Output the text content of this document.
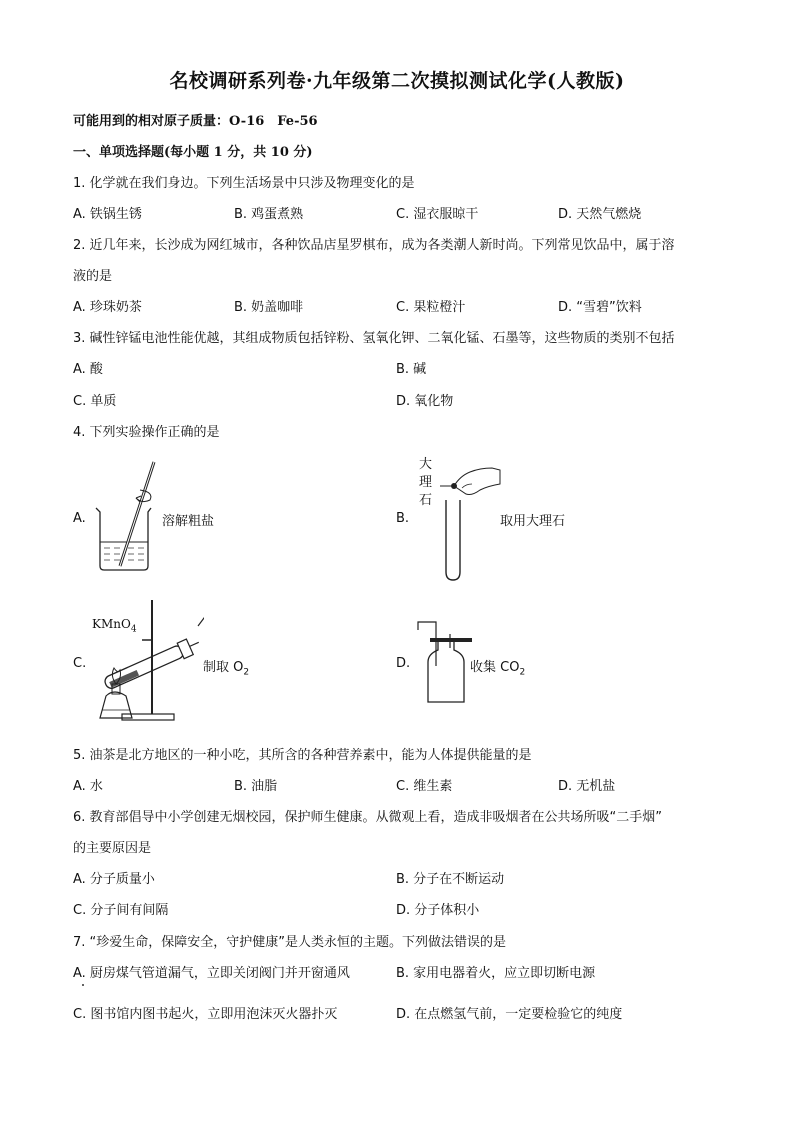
名校调研系列卷·九年级第二次摸拟测试化学(人教版)
可能用到的相对原子质量：O-16　Fe-56
一、单项选择题(每小题 1 分，共 10 分)
1. 化学就在我们身边。下列生活场景中只涉及物理变化的是
A. 铁锅生锈	B. 鸡蛋煮熟	C. 湿衣服晾干	D. 天然气燃烧
2. 近几年来，长沙成为网红城市，各种饮品店星罗棋布，成为各类潮人新时尚。下列常见饮品中，属于溶
液的是
A. 珍珠奶茶	B. 奶盖咖啡	C. 果粒橙汁	D. “雪碧”饮料
3. 碱性锌锰电池性能优越，其组成物质包括锌粉、氢氧化钾、二氧化锰、石墨等，这些物质的类别不包括
A. 酸	B. 碱
C. 单质	D. 氧化物
4. 下列实验操作正确的是
A.	溶解粗盐	B.
大
理
石
取用大理石
C.
KMnO$_4$
制取 $O_2$
D.	收集 $CO_2$
5. 油茶是北方地区的一种小吃，其所含的各种营养素中，能为人体提供能量的是
A. 水	B. 油脂	C. 维生素	D. 无机盐
6. 教育部倡导中小学创建无烟校园，保护师生健康。从微观上看，造成非吸烟者在公共场所吸“二手烟”
的主要原因是
A. 分子质量小	B. 分子在不断运动
C. 分子间有间隔	D. 分子体积小
7. “珍爱生命，保障安全，守护健康”是人类永恒的主题。下列做法错误的是
A. 厨房煤气管道漏气，立即关闭阀门并开窗通风	B. 家用电器着火，应立即切断电源
C. 图书馆内图书起火，立即用泡沫灭火器扑灭	D. 在点燃氢气前，一定要检验它的纯度
